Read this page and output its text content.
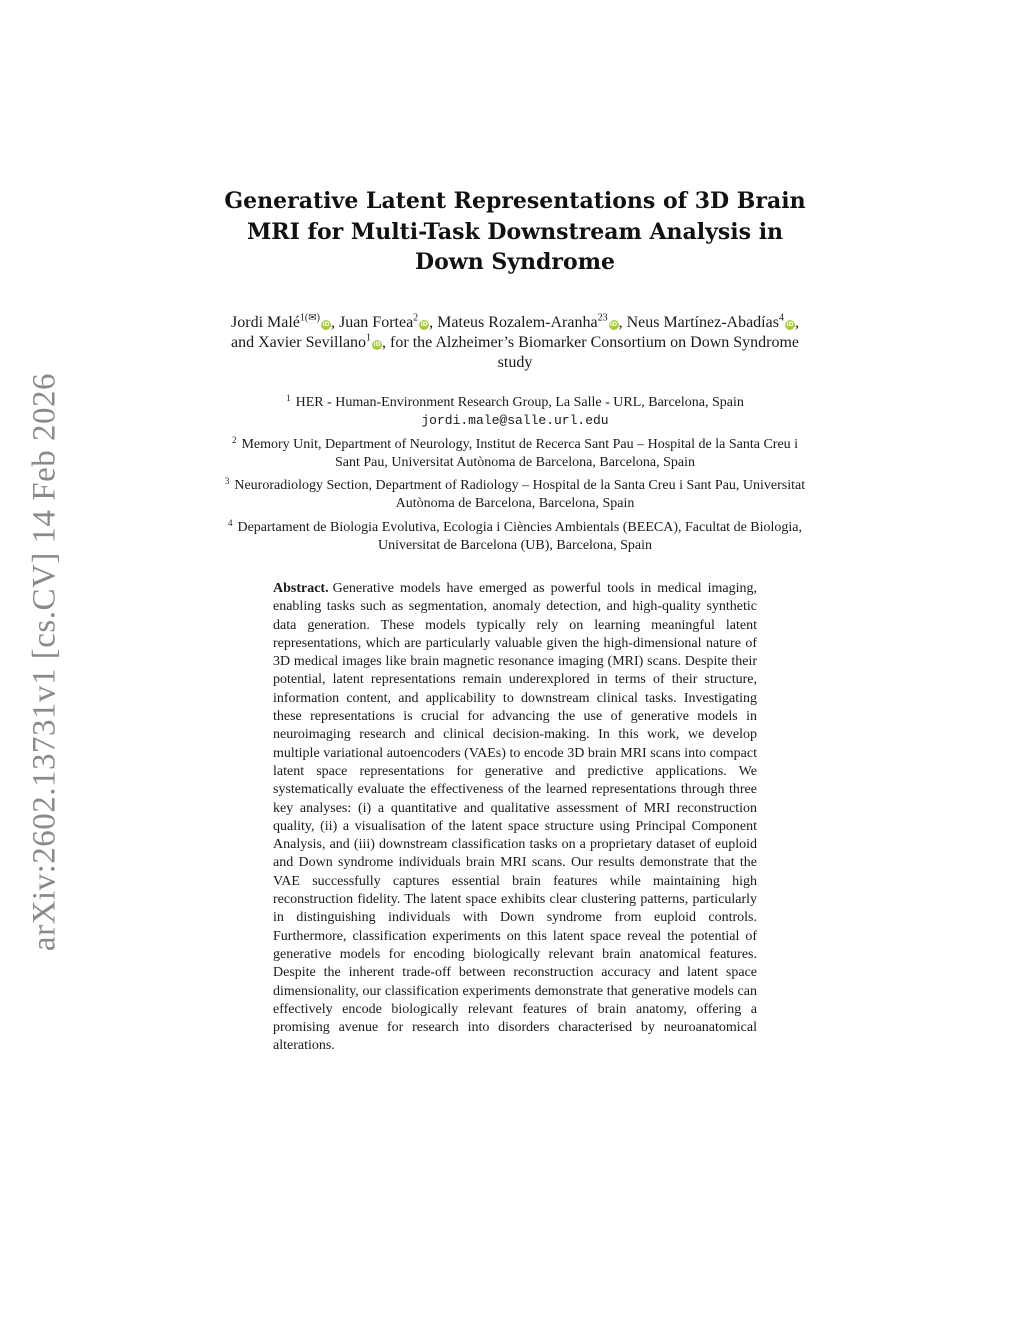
arXiv:2602.13731v1 [cs.CV] 14 Feb 2026
Generative Latent Representations of 3D Brain MRI for Multi-Task Downstream Analysis in Down Syndrome
Jordi Malé$^{1(✉)}$iD, Juan Fortea$^2$iD, Mateus Rozalem-Aranha$^{23}$iD, Neus Martínez-Abadías$^4$iD, and Xavier Sevillano$^1$iD, for the Alzheimer’s Biomarker Consortium on Down Syndrome study
$^1$ HER - Human-Environment Research Group, La Salle - URL, Barcelona, Spain
jordi.male@salle.url.edu
$^2$ Memory Unit, Department of Neurology, Institut de Recerca Sant Pau – Hospital de la Santa Creu i Sant Pau, Universitat Autònoma de Barcelona, Barcelona, Spain
$^3$ Neuroradiology Section, Department of Radiology – Hospital de la Santa Creu i Sant Pau, Universitat Autònoma de Barcelona, Barcelona, Spain
$^4$ Departament de Biologia Evolutiva, Ecologia i Ciències Ambientals (BEECA), Facultat de Biologia, Universitat de Barcelona (UB), Barcelona, Spain
Abstract. Generative models have emerged as powerful tools in medical imaging, enabling tasks such as segmentation, anomaly detection, and high-quality synthetic data generation. These models typically rely on learning meaningful latent representations, which are particularly valuable given the high-dimensional nature of 3D medical images like brain magnetic resonance imaging (MRI) scans. Despite their potential, latent representations remain underexplored in terms of their structure, information content, and applicability to downstream clinical tasks. Investigating these representations is crucial for advancing the use of generative models in neuroimaging research and clinical decision-making. In this work, we develop multiple variational autoencoders (VAEs) to encode 3D brain MRI scans into compact latent space representations for generative and predictive applications. We systematically evaluate the effectiveness of the learned representations through three key analyses: (i) a quantitative and qualitative assessment of MRI reconstruction quality, (ii) a visualisation of the latent space structure using Principal Component Analysis, and (iii) downstream classification tasks on a proprietary dataset of euploid and Down syndrome individuals brain MRI scans. Our results demonstrate that the VAE successfully captures essential brain features while maintaining high reconstruction fidelity. The latent space exhibits clear clustering patterns, particularly in distinguishing individuals with Down syndrome from euploid controls. Furthermore, classification experiments on this latent space reveal the potential of generative models for encoding biologically relevant brain anatomical features. Despite the inherent trade-off between reconstruction accuracy and latent space dimensionality, our classification experiments demonstrate that generative models can effectively encode biologically relevant features of brain anatomy, offering a promising avenue for research into disorders characterised by neuroanatomical alterations.
